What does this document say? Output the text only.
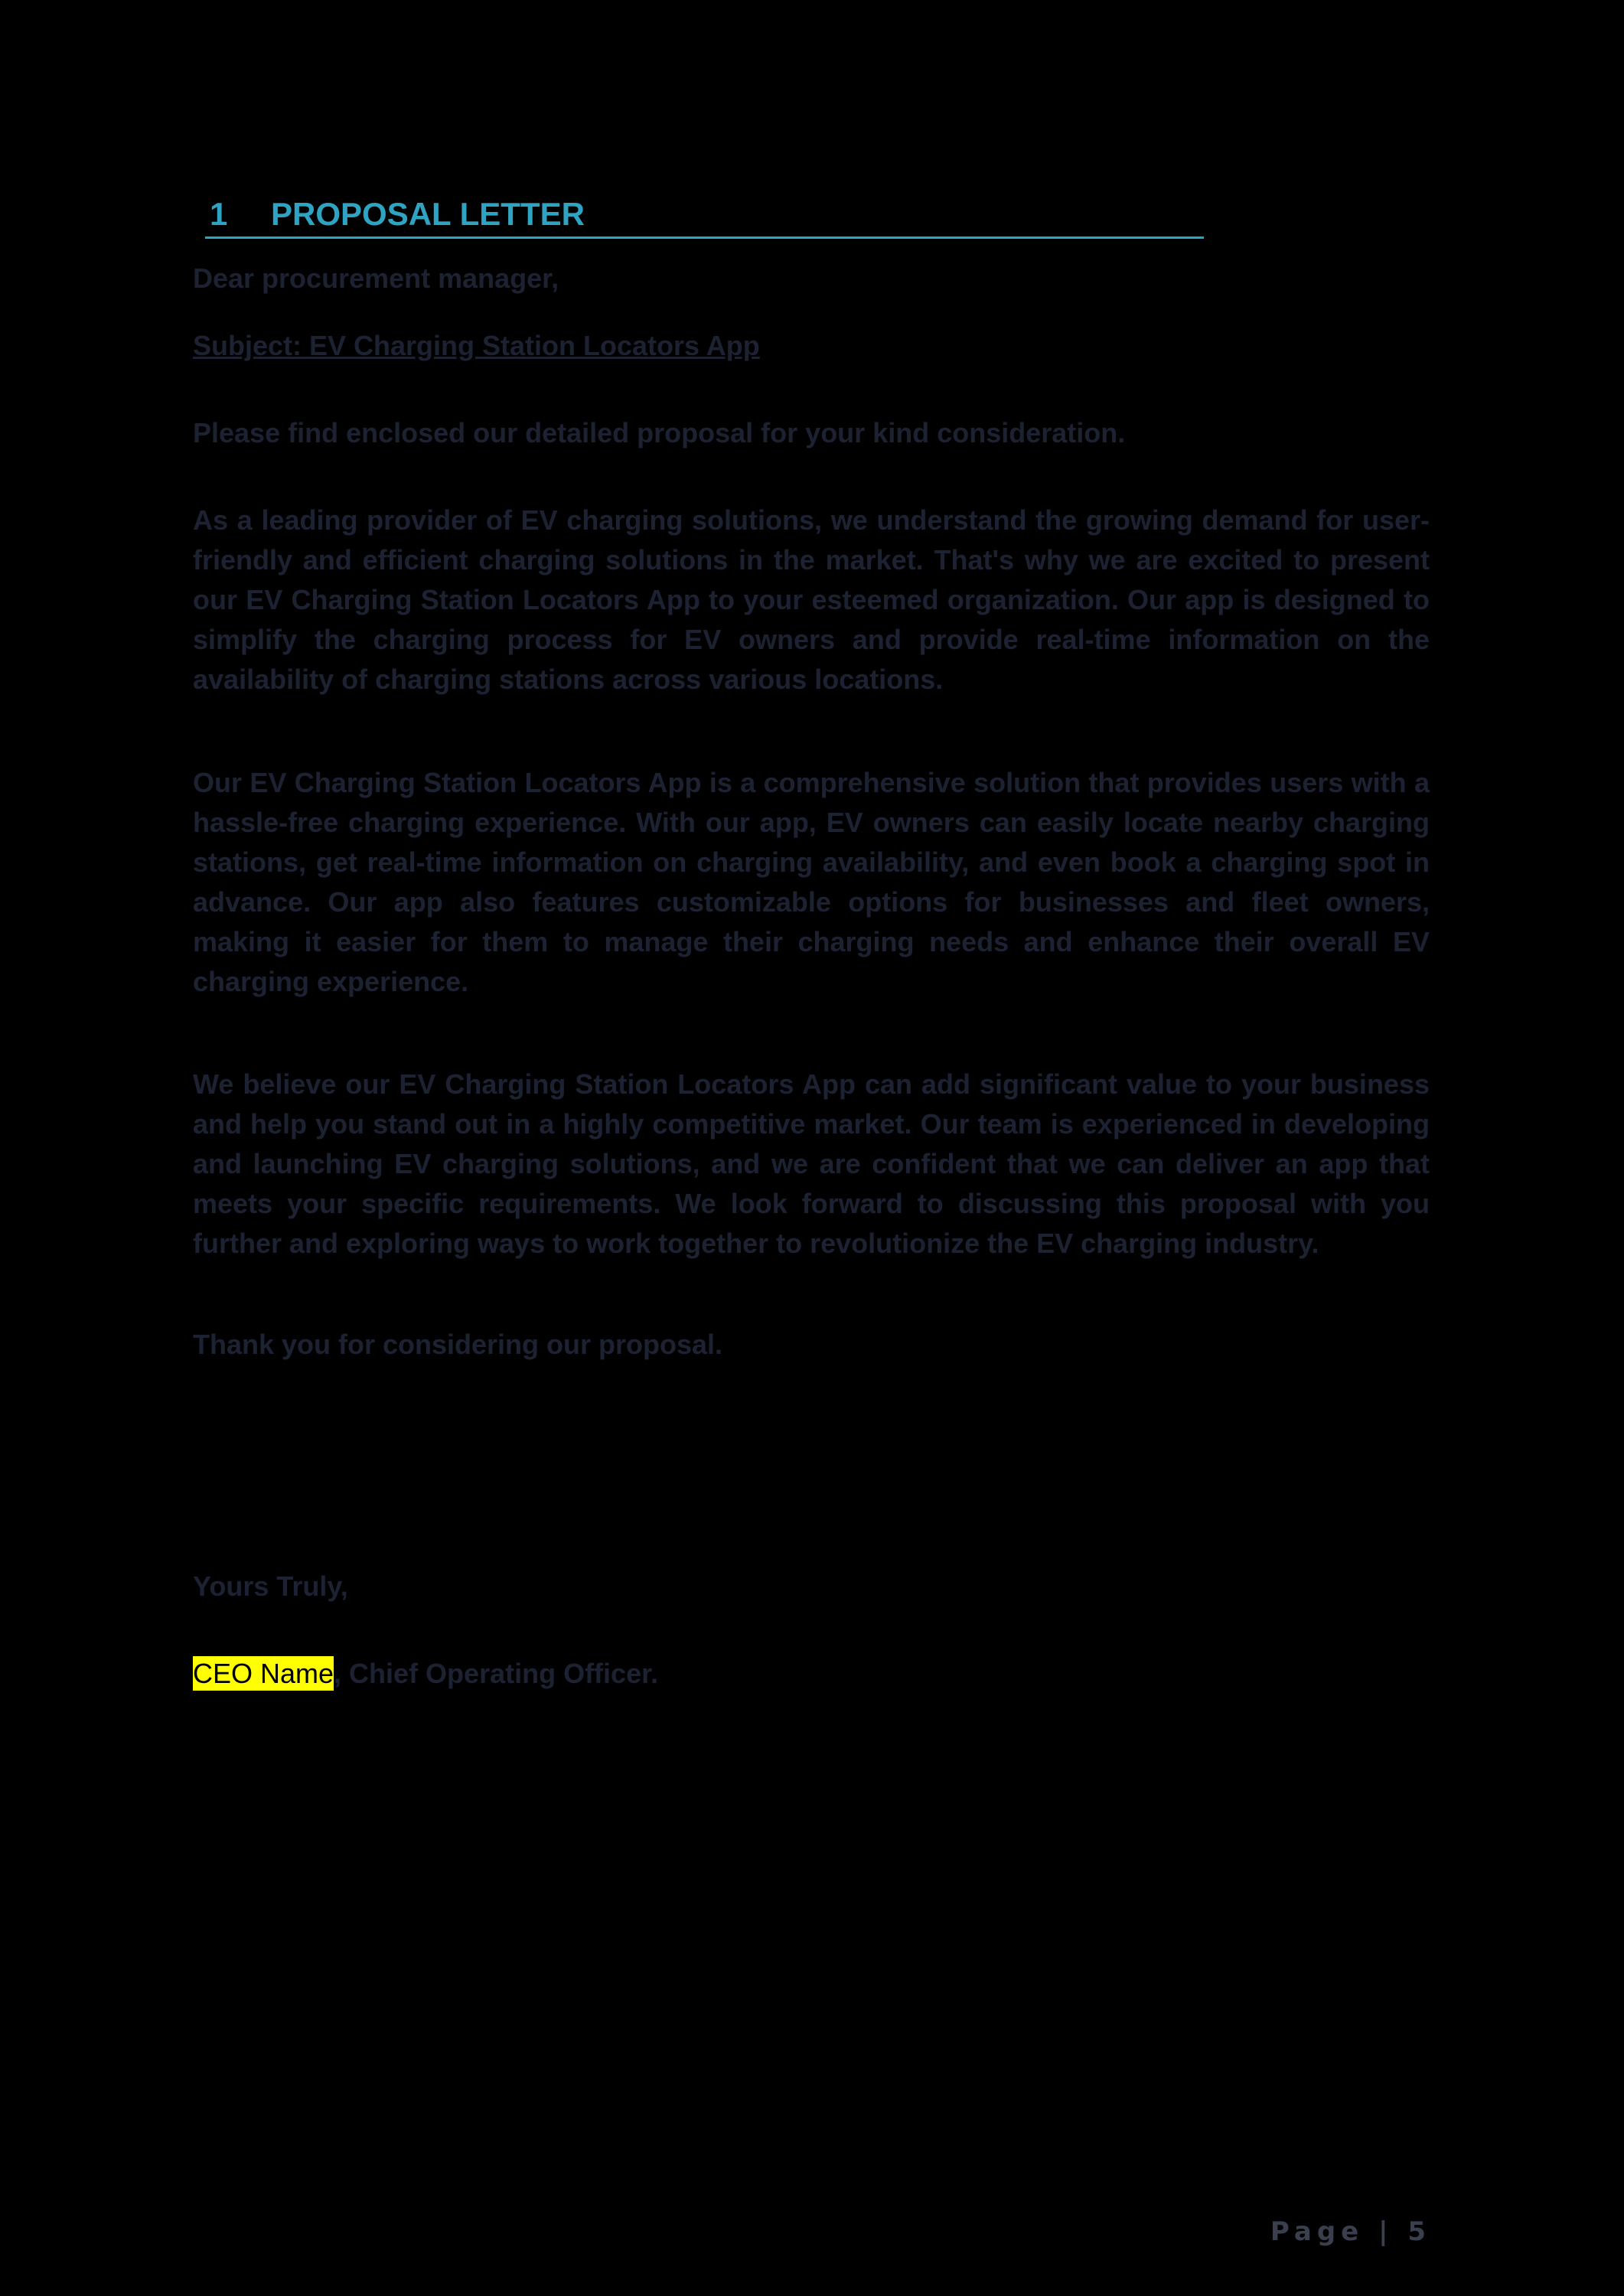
1 PROPOSAL LETTER

Dear procurement manager,

Subject: EV Charging Station Locators App

Please find enclosed our detailed proposal for your kind consideration.

As a leading provider of EV charging solutions, we understand the growing demand for user-friendly and efficient charging solutions in the market. That's why we are excited to present our EV Charging Station Locators App to your esteemed organization. Our app is designed to simplify the charging process for EV owners and provide real-time information on the availability of charging stations across various locations.

Our EV Charging Station Locators App is a comprehensive solution that provides users with a hassle-free charging experience. With our app, EV owners can easily locate nearby charging stations, get real-time information on charging availability, and even book a charging spot in advance. Our app also features customizable options for businesses and fleet owners, making it easier for them to manage their charging needs and enhance their overall EV charging experience.

We believe our EV Charging Station Locators App can add significant value to your business and help you stand out in a highly competitive market. Our team is experienced in developing and launching EV charging solutions, and we are confident that we can deliver an app that meets your specific requirements. We look forward to discussing this proposal with you further and exploring ways to work together to revolutionize the EV charging industry.

Thank you for considering our proposal.

Yours Truly,

CEO Name, Chief Operating Officer.
Page | 5
